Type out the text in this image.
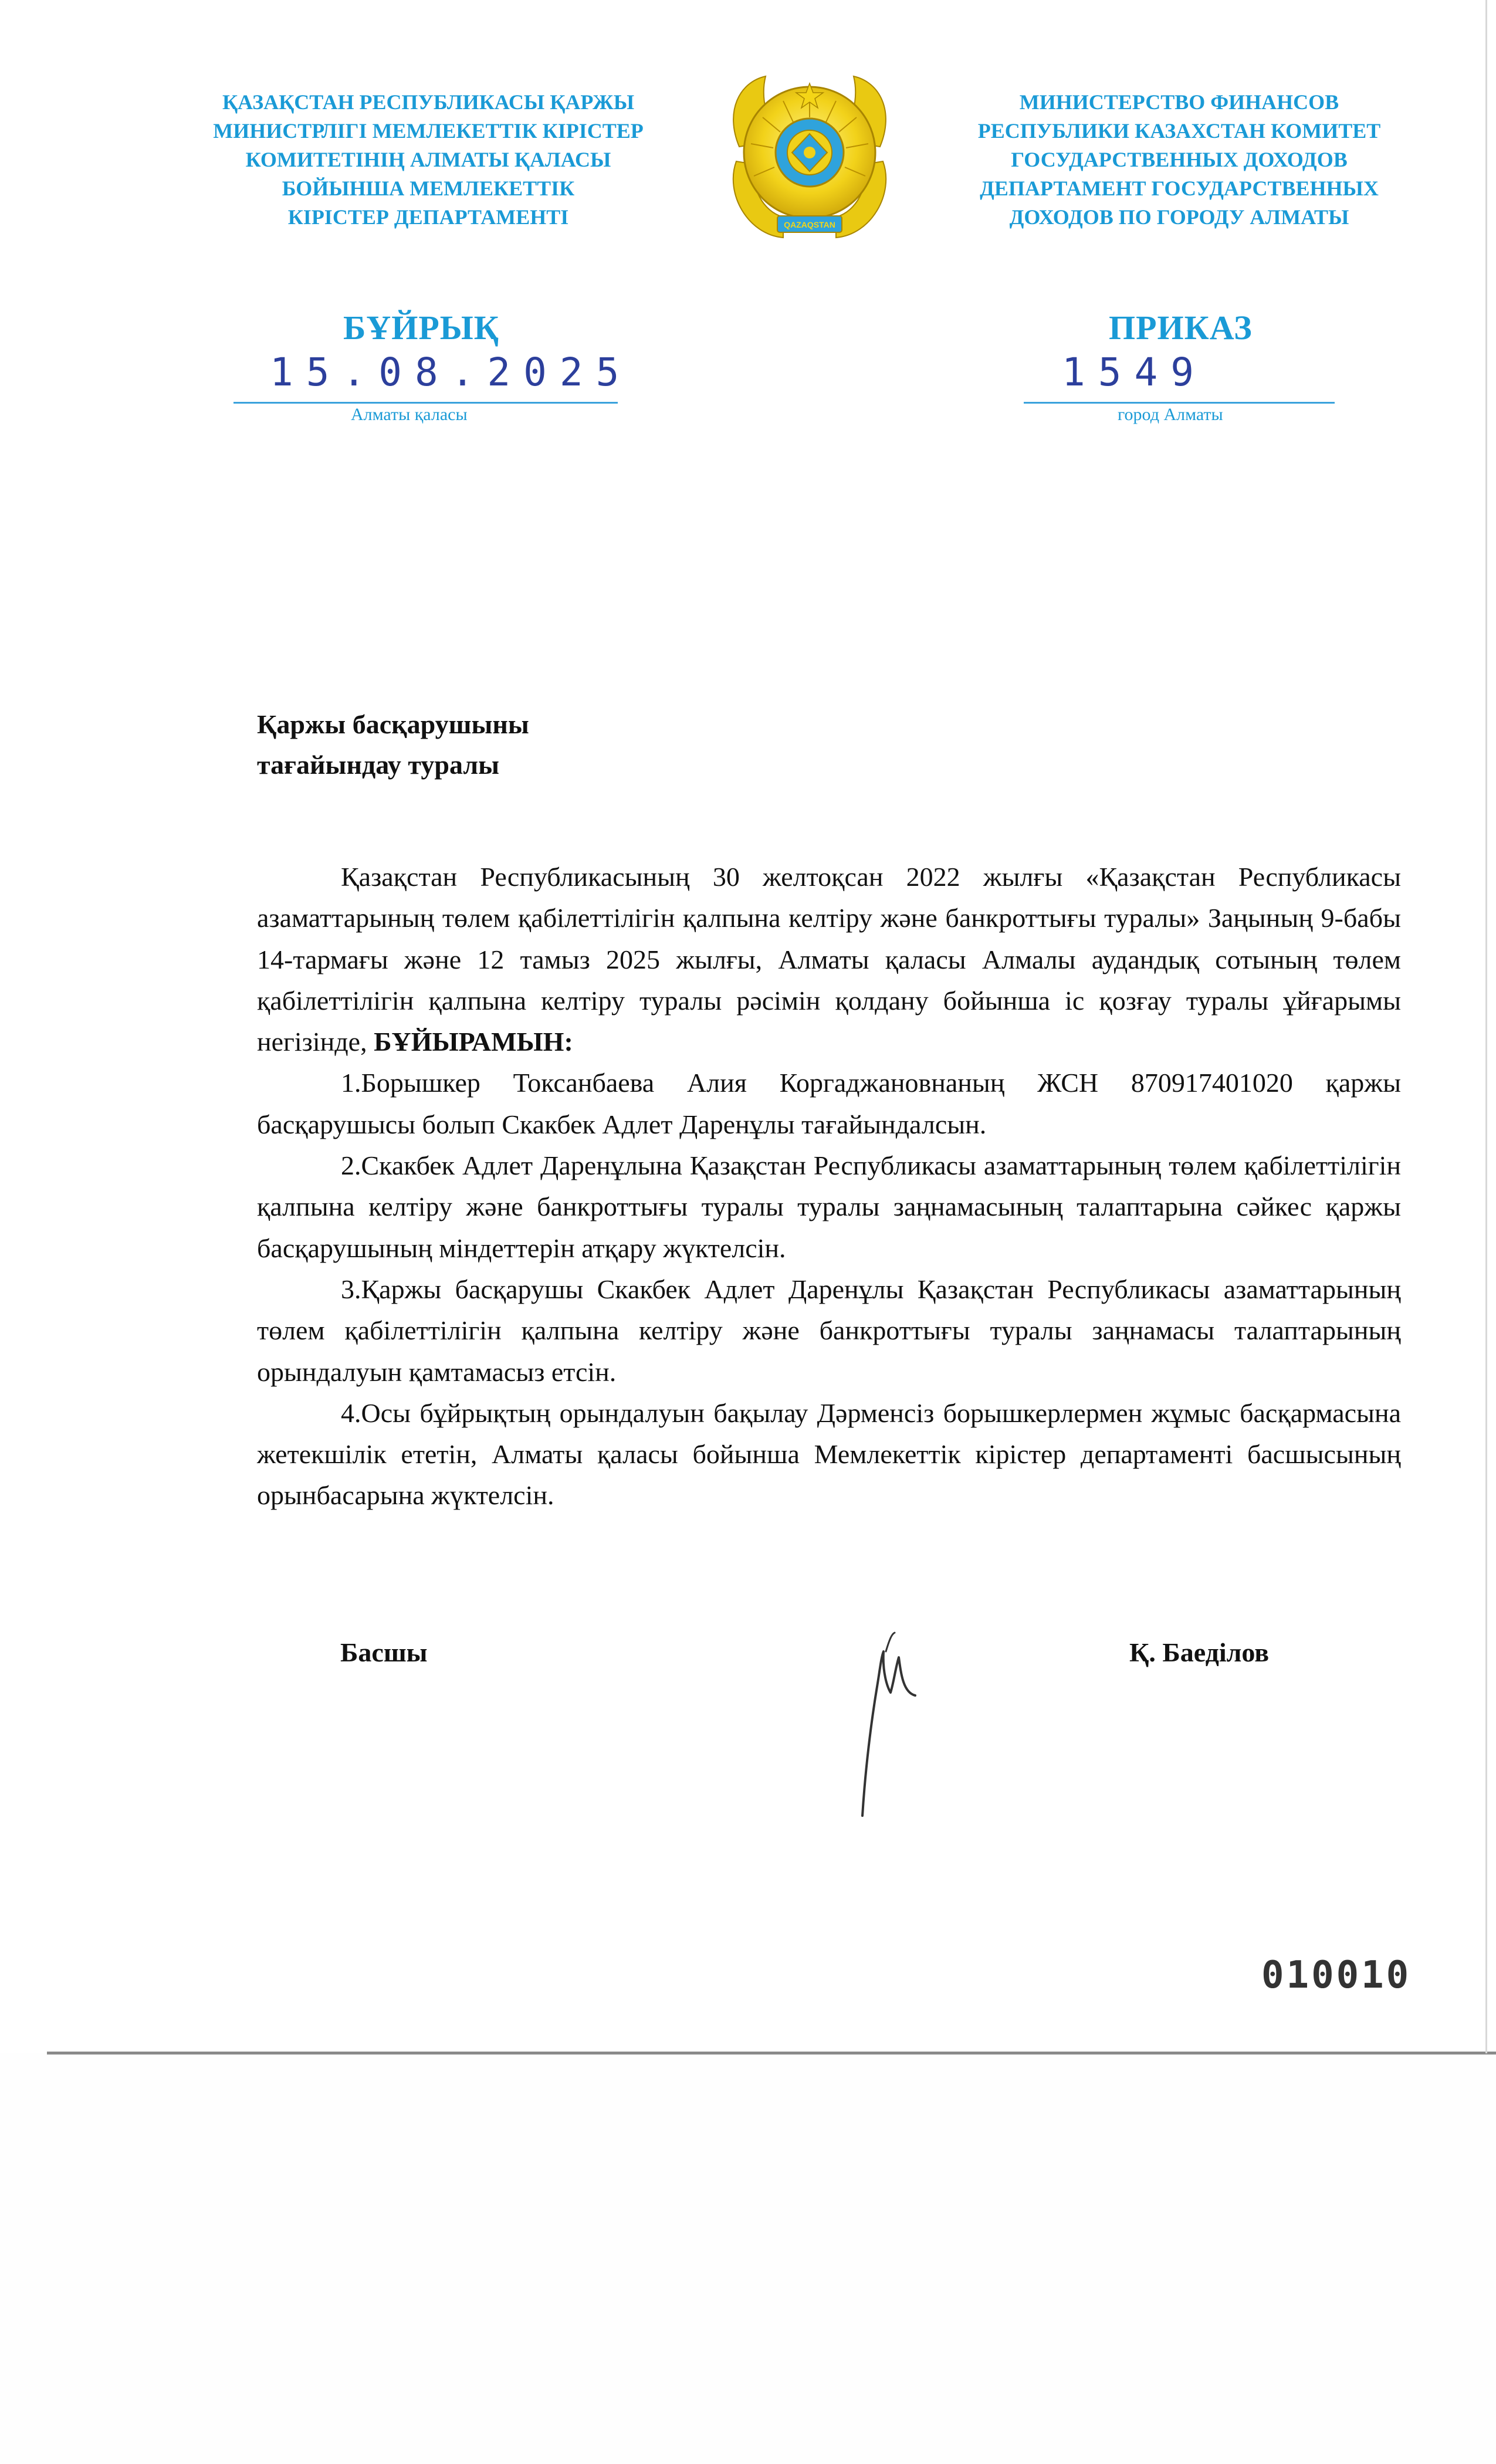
ҚАЗАҚСТАН РЕСПУБЛИКАСЫ ҚАРЖЫ
МИНИСТРЛІГІ МЕМЛЕКЕТТІК КІРІСТЕР
КОМИТЕТІНІҢ АЛМАТЫ ҚАЛАСЫ
БОЙЫНША МЕМЛЕКЕТТІК
КІРІСТЕР ДЕПАРТАМЕНТІ	QAZAQSTAN
МИНИСТЕРСТВО ФИНАНСОВ
РЕСПУБЛИКИ КАЗАХСТАН КОМИТЕТ
ГОСУДАРСТВЕННЫХ ДОХОДОВ
ДЕПАРТАМЕНТ ГОСУДАРСТВЕННЫХ
ДОХОДОВ ПО ГОРОДУ АЛМАТЫ
БҰЙРЫҚ	ПРИКАЗ
15.08.2025	1549
Алматы қаласы	город Алматы
Қаржы басқарушыны
тағайындау туралы

Қазақстан Республикасының 30 желтоқсан 2022 жылғы «Қазақстан Республикасы азаматтарының төлем қабілеттілігін қалпына келтіру және банкроттығы туралы» Заңының 9-бабы 14-тармағы және 12 тамыз 2025 жылғы, Алматы қаласы Алмалы аудандық сотының төлем қабілеттілігін қалпына келтіру туралы рәсімін қолдану бойынша іс қозғау туралы ұйғарымы негізінде, БҰЙЫРАМЫН:

1.Борышкер Токсанбаева Алия Коргаджановнаның ЖСН 870917401020 қаржы басқарушысы болып Скакбек Адлет Даренұлы тағайындалсын.

2.Скакбек Адлет Даренұлына Қазақстан Республикасы азаматтарының төлем қабілеттілігін қалпына келтіру және банкроттығы туралы туралы заңнамасының талаптарына сәйкес қаржы басқарушының міндеттерін атқару жүктелсін.

3.Қаржы басқарушы Скакбек Адлет Даренұлы Қазақстан Республикасы азаматтарының төлем қабілеттілігін қалпына келтіру және банкроттығы туралы заңнамасы талаптарының орындалуын қамтамасыз етсін.

4.Осы бұйрықтың орындалуын бақылау Дәрменсіз борышкерлермен жұмыс басқармасына жетекшілік ететін, Алматы қаласы бойынша Мемлекеттік кірістер департаменті басшысының орынбасарына жүктелсін.

Басшы	Қ. Баеділов
010010
